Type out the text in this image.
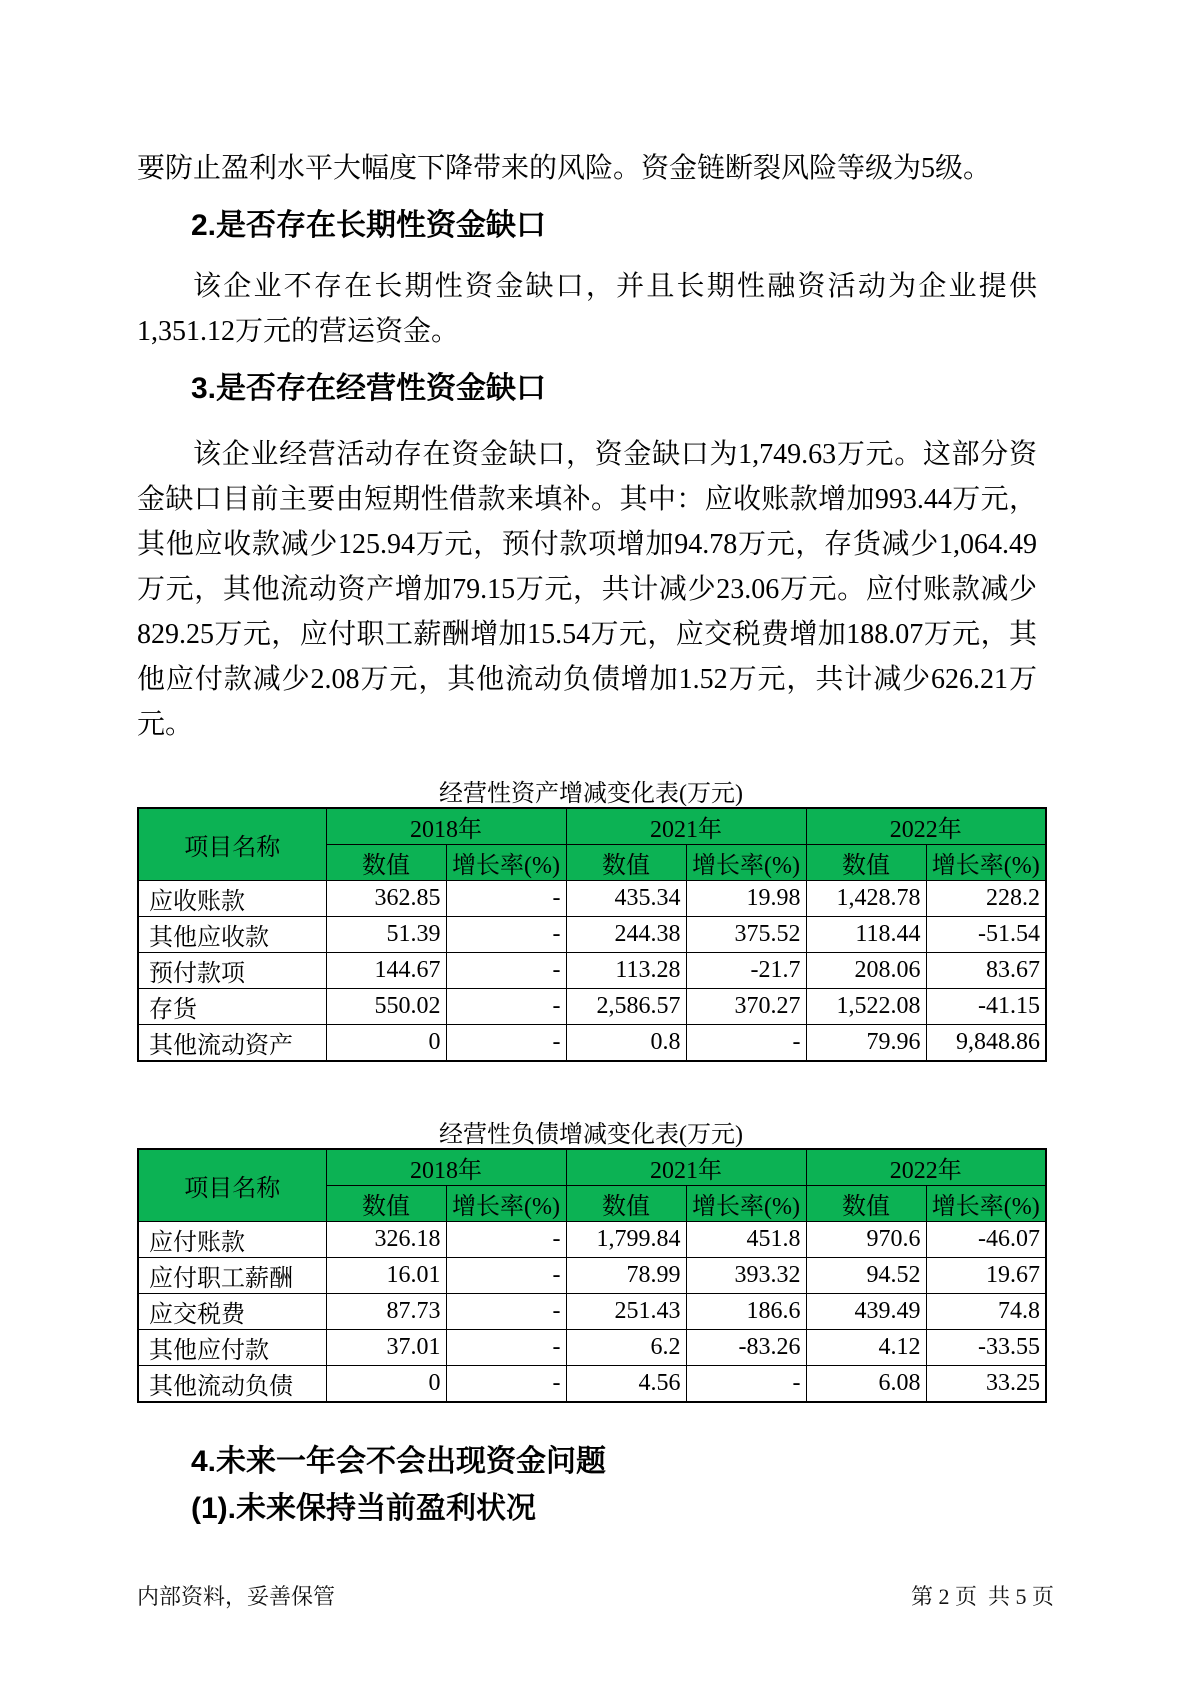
要防止盈利水平大幅度下降带来的风险。资金链断裂风险等级为5级。

2.是否存在长期性资金缺口

该企业不存在长期性资金缺口，并且长期性融资活动为企业提供1,351.12万元的营运资金。

3.是否存在经营性资金缺口

该企业经营活动存在资金缺口，资金缺口为1,749.63万元。这部分资金缺口目前主要由短期性借款来填补。其中：应收账款增加993.44万元，其他应收款减少125.94万元，预付款项增加94.78万元，存货减少1,064.49万元，其他流动资产增加79.15万元，共计减少23.06万元。应付账款减少829.25万元，应付职工薪酬增加15.54万元，应交税费增加188.07万元，其他应付款减少2.08万元，其他流动负债增加1.52万元，共计减少626.21万元。

经营性资产增减变化表(万元)
项目名称	2018年		2021年		2022年	
	数值	增长率(%)	数值	增长率(%)	数值	增长率(%)
应收账款	362.85	-	435.34	19.98	1,428.78	228.2
其他应收款	51.39	-	244.38	375.52	118.44	-51.54
预付款项	144.67	-	113.28	-21.7	208.06	83.67
存货	550.02	-	2,586.57	370.27	1,522.08	-41.15
其他流动资产	0	-	0.8	-	79.96	9,848.86
经营性负债增减变化表(万元)
项目名称	2018年		2021年		2022年	
	数值	增长率(%)	数值	增长率(%)	数值	增长率(%)
应付账款	326.18	-	1,799.84	451.8	970.6	-46.07
应付职工薪酬	16.01	-	78.99	393.32	94.52	19.67
应交税费	87.73	-	251.43	186.6	439.49	74.8
其他应付款	37.01	-	6.2	-83.26	4.12	-33.55
其他流动负债	0	-	4.56	-	6.08	33.25
4.未来一年会不会出现资金问题
(1).未来保持当前盈利状况
内部资料，妥善保管	第 2 页  共 5 页
